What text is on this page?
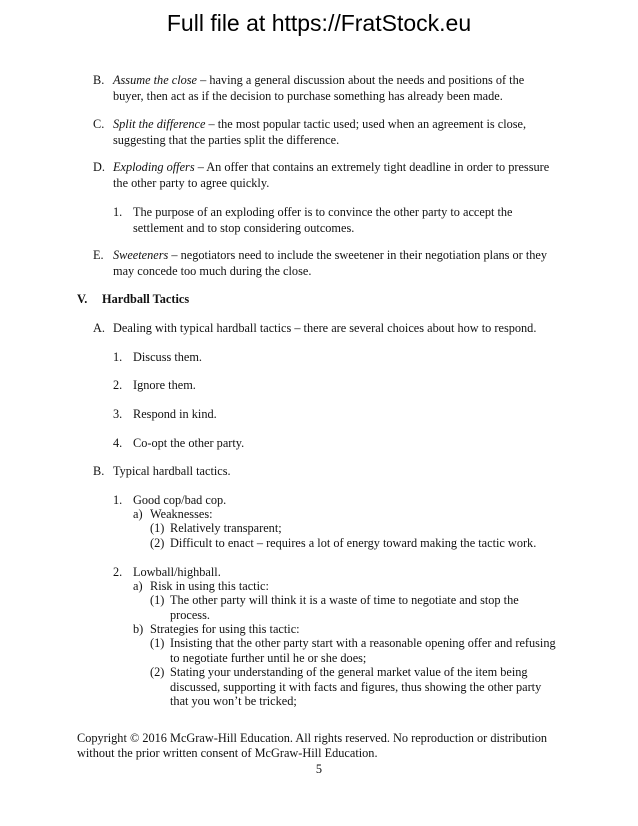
Full file at https://FratStock.eu
B. Assume the close – having a general discussion about the needs and positions of the
buyer, then act as if the decision to purchase something has already been made.
C. Split the difference – the most popular tactic used; used when an agreement is close,
suggesting that the parties split the difference.
D. Exploding offers – An offer that contains an extremely tight deadline in order to pressure
the other party to agree quickly.
1. The purpose of an exploding offer is to convince the other party to accept the
settlement and to stop considering outcomes.
E. Sweeteners – negotiators need to include the sweetener in their negotiation plans or they
may concede too much during the close.
V. Hardball Tactics
A. Dealing with typical hardball tactics – there are several choices about how to respond.
1. Discuss them.
2. Ignore them.
3. Respond in kind.
4. Co-opt the other party.
B. Typical hardball tactics.
1. Good cop/bad cop.
a) Weaknesses:
(1) Relatively transparent;
(2) Difficult to enact – requires a lot of energy toward making the tactic work.
2. Lowball/highball.
a) Risk in using this tactic:
(1) The other party will think it is a waste of time to negotiate and stop the
process.
b) Strategies for using this tactic:
(1) Insisting that the other party start with a reasonable opening offer and refusing
to negotiate further until he or she does;
(2) Stating your understanding of the general market value of the item being
discussed, supporting it with facts and figures, thus showing the other party
that you won’t be tricked;
Copyright © 2016 McGraw-Hill Education. All rights reserved. No reproduction or distribution
without the prior written consent of McGraw-Hill Education.
5
